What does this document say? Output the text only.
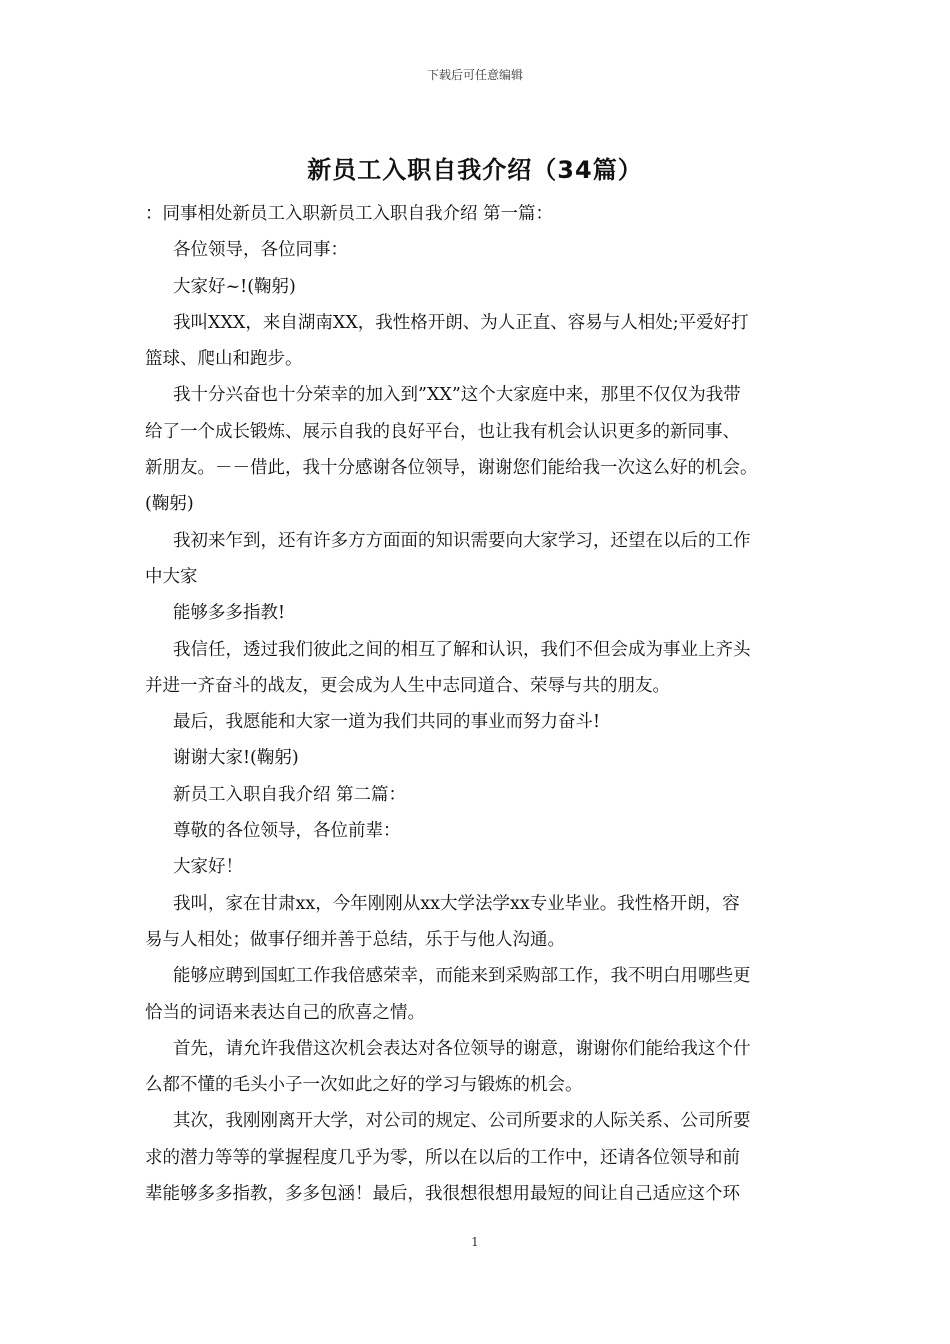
下载后可任意编辑
新员工入职自我介绍（34篇）

：同事相处新员工入职新员工入职自我介绍 第一篇：

各位领导，各位同事：

大家好~!(鞠躬)

我叫XXX，来自湖南XX，我性格开朗、为人正直、容易与人相处;平爱好打

篮球、爬山和跑步。

我十分兴奋也十分荣幸的加入到”XX”这个大家庭中来，那里不仅仅为我带

给了一个成长锻炼、展示自我的良好平台，也让我有机会认识更多的新同事、

新朋友。－－借此，我十分感谢各位领导，谢谢您们能给我一次这么好的机会。

(鞠躬)

我初来乍到，还有许多方方面面的知识需要向大家学习，还望在以后的工作

中大家

能够多多指教!

我信任，透过我们彼此之间的相互了解和认识，我们不但会成为事业上齐头

并进一齐奋斗的战友，更会成为人生中志同道合、荣辱与共的朋友。

最后，我愿能和大家一道为我们共同的事业而努力奋斗!

谢谢大家!(鞠躬)

新员工入职自我介绍 第二篇：

尊敬的各位领导，各位前辈：

大家好！

我叫，家在甘肃xx，今年刚刚从xx大学法学xx专业毕业。我性格开朗，容

易与人相处；做事仔细并善于总结，乐于与他人沟通。

能够应聘到国虹工作我倍感荣幸，而能来到采购部工作，我不明白用哪些更

恰当的词语来表达自己的欣喜之情。

首先，请允许我借这次机会表达对各位领导的谢意，谢谢你们能给我这个什

么都不懂的毛头小子一次如此之好的学习与锻炼的机会。

其次，我刚刚离开大学，对公司的规定、公司所要求的人际关系、公司所要

求的潜力等等的掌握程度几乎为零，所以在以后的工作中，还请各位领导和前

辈能够多多指教，多多包涵！最后，我很想很想用最短的间让自己适应这个环

1
